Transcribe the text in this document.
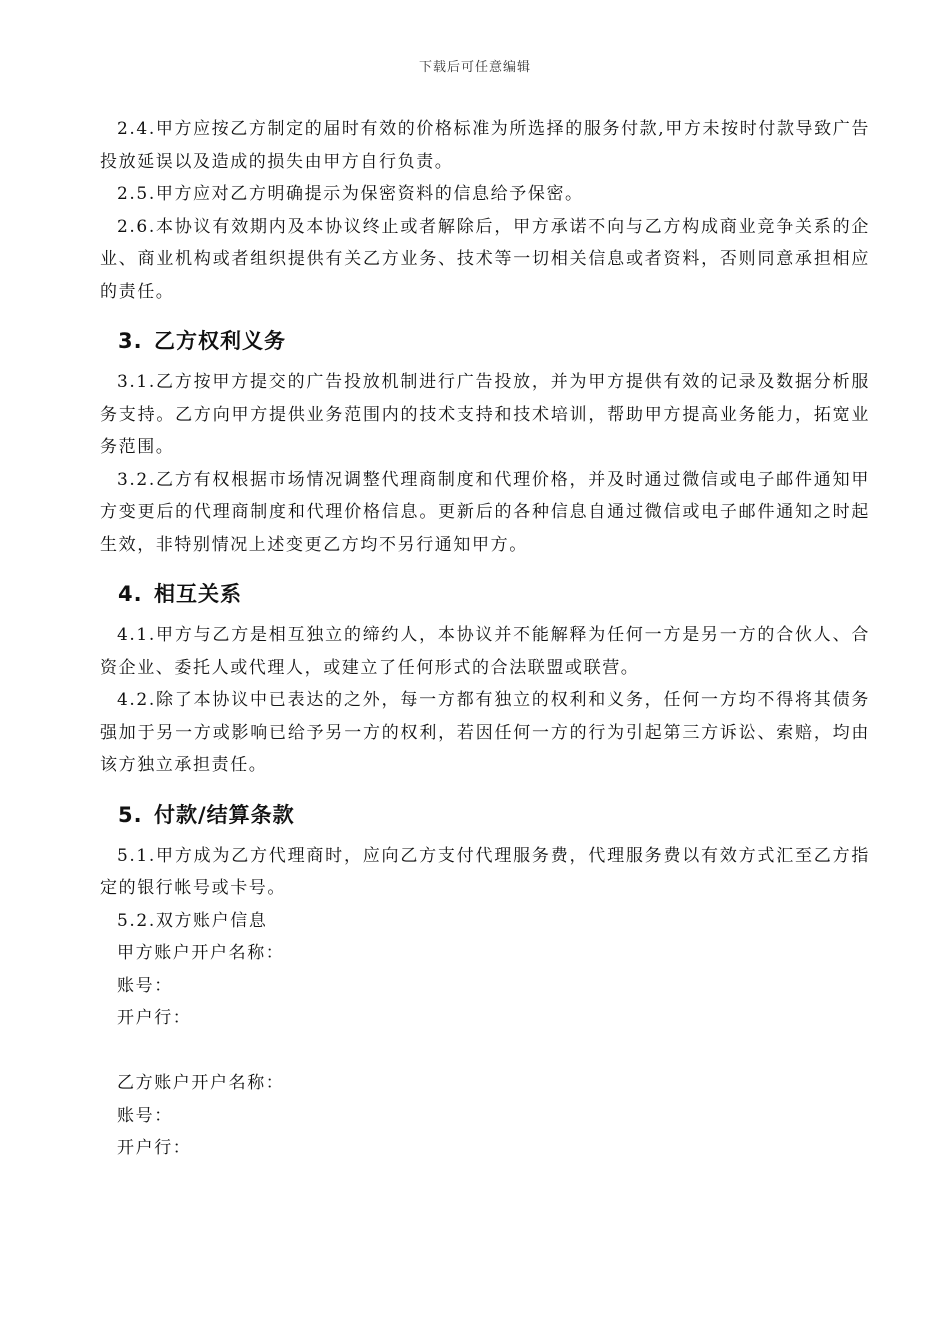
下载后可任意编辑

2.4.甲方应按乙方制定的届时有效的价格标准为所选择的服务付款,甲方未按时付款导致广告投放延误以及造成的损失由甲方自行负责。

2.5.甲方应对乙方明确提示为保密资料的信息给予保密。

2.6.本协议有效期内及本协议终止或者解除后，甲方承诺不向与乙方构成商业竞争关系的企业、商业机构或者组织提供有关乙方业务、技术等一切相关信息或者资料，否则同意承担相应的责任。

3. 乙方权利义务

3.1.乙方按甲方提交的广告投放机制进行广告投放，并为甲方提供有效的记录及数据分析服务支持。乙方向甲方提供业务范围内的技术支持和技术培训，帮助甲方提高业务能力，拓宽业务范围。

3.2.乙方有权根据市场情况调整代理商制度和代理价格，并及时通过微信或电子邮件通知甲方变更后的代理商制度和代理价格信息。更新后的各种信息自通过微信或电子邮件通知之时起生效，非特别情况上述变更乙方均不另行通知甲方。

4. 相互关系

4.1.甲方与乙方是相互独立的缔约人，本协议并不能解释为任何一方是另一方的合伙人、合资企业、委托人或代理人，或建立了任何形式的合法联盟或联营。

4.2.除了本协议中已表达的之外，每一方都有独立的权利和义务，任何一方均不得将其债务强加于另一方或影响已给予另一方的权利，若因任何一方的行为引起第三方诉讼、索赔，均由该方独立承担责任。

5. 付款/结算条款

5.1.甲方成为乙方代理商时，应向乙方支付代理服务费，代理服务费以有效方式汇至乙方指定的银行帐号或卡号。

5.2.双方账户信息

甲方账户开户名称：

账号：

开户行：

乙方账户开户名称：

账号：

开户行：
